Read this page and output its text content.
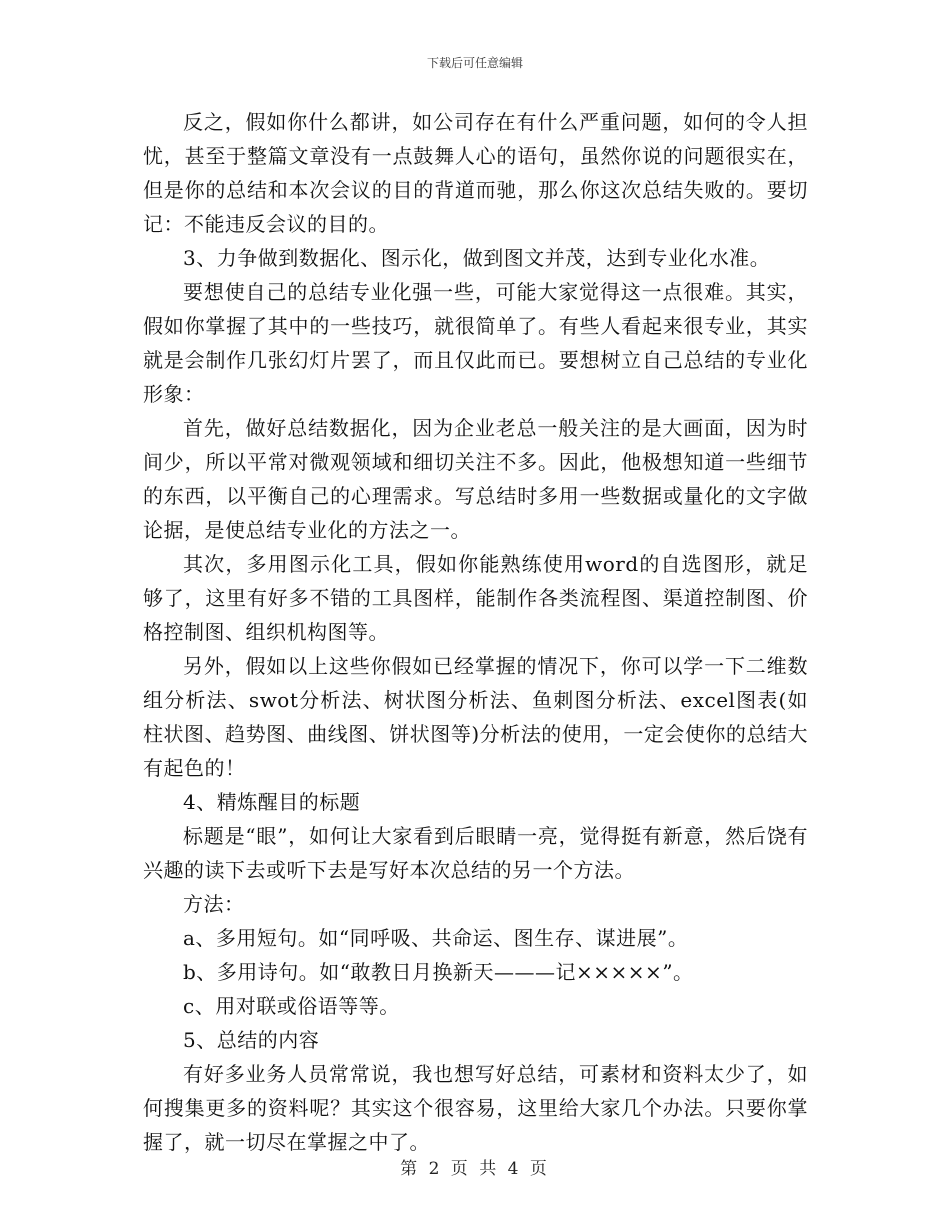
下载后可任意编辑

反之，假如你什么都讲，如公司存在有什么严重问题，如何的令人担忧，甚至于整篇文章没有一点鼓舞人心的语句，虽然你说的问题很实在，但是你的总结和本次会议的目的背道而驰，那么你这次总结失败的。要切记：不能违反会议的目的。

3、力争做到数据化、图示化，做到图文并茂，达到专业化水准。

要想使自己的总结专业化强一些，可能大家觉得这一点很难。其实，假如你掌握了其中的一些技巧，就很简单了。有些人看起来很专业，其实就是会制作几张幻灯片罢了，而且仅此而已。要想树立自己总结的专业化形象：

首先，做好总结数据化，因为企业老总一般关注的是大画面，因为时间少，所以平常对微观领域和细切关注不多。因此，他极想知道一些细节的东西，以平衡自己的心理需求。写总结时多用一些数据或量化的文字做论据，是使总结专业化的方法之一。

其次，多用图示化工具，假如你能熟练使用word的自选图形，就足够了，这里有好多不错的工具图样，能制作各类流程图、渠道控制图、价格控制图、组织机构图等。

另外，假如以上这些你假如已经掌握的情况下，你可以学一下二维数组分析法、swot分析法、树状图分析法、鱼刺图分析法、excel图表(如柱状图、趋势图、曲线图、饼状图等)分析法的使用，一定会使你的总结大有起色的！

4、精炼醒目的标题

标题是“眼”，如何让大家看到后眼睛一亮，觉得挺有新意，然后饶有兴趣的读下去或听下去是写好本次总结的另一个方法。

方法：

a、多用短句。如“同呼吸、共命运、图生存、谋进展”。

b、多用诗句。如“敢教日月换新天———记×××××”。

c、用对联或俗语等等。

5、总结的内容

有好多业务人员常常说，我也想写好总结，可素材和资料太少了，如何搜集更多的资料呢？其实这个很容易，这里给大家几个办法。只要你掌握了，就一切尽在掌握之中了。

第 2 页 共 4 页
